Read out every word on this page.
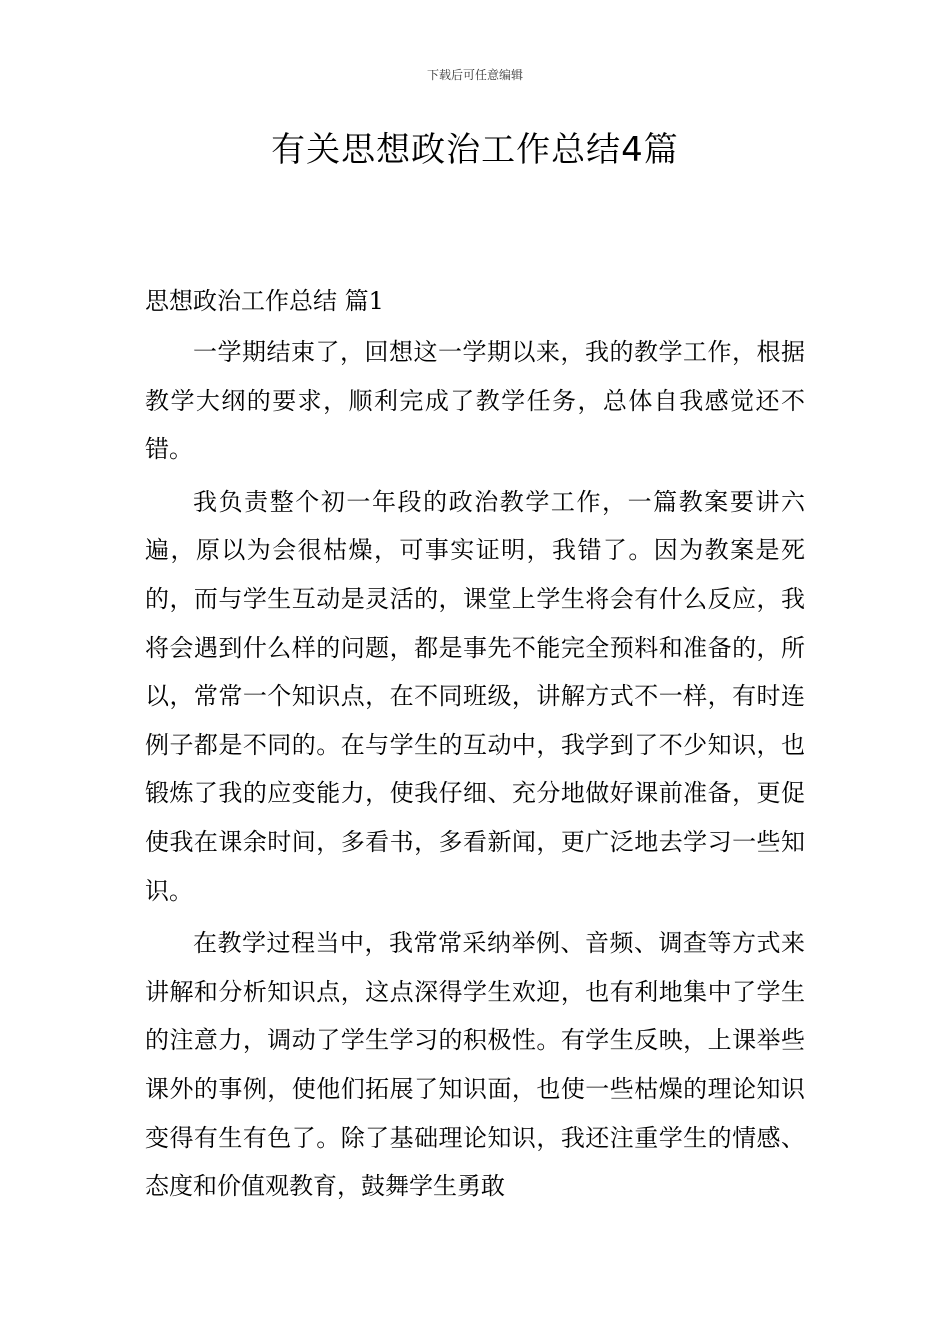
下载后可任意编辑
有关思想政治工作总结4篇
思想政治工作总结 篇1

一学期结束了，回想这一学期以来，我的教学工作，根据教学大纲的要求，顺利完成了教学任务，总体自我感觉还不错。

我负责整个初一年段的政治教学工作，一篇教案要讲六遍，原以为会很枯燥，可事实证明，我错了。因为教案是死的，而与学生互动是灵活的，课堂上学生将会有什么反应，我将会遇到什么样的问题，都是事先不能完全预料和准备的，所以，常常一个知识点，在不同班级，讲解方式不一样，有时连例子都是不同的。在与学生的互动中，我学到了不少知识，也锻炼了我的应变能力，使我仔细、充分地做好课前准备，更促使我在课余时间，多看书，多看新闻，更广泛地去学习一些知识。

在教学过程当中，我常常采纳举例、音频、调查等方式来讲解和分析知识点，这点深得学生欢迎，也有利地集中了学生的注意力，调动了学生学习的积极性。有学生反映，上课举些课外的事例，使他们拓展了知识面，也使一些枯燥的理论知识变得有生有色了。除了基础理论知识，我还注重学生的情感、态度和价值观教育，鼓舞学生勇敢
